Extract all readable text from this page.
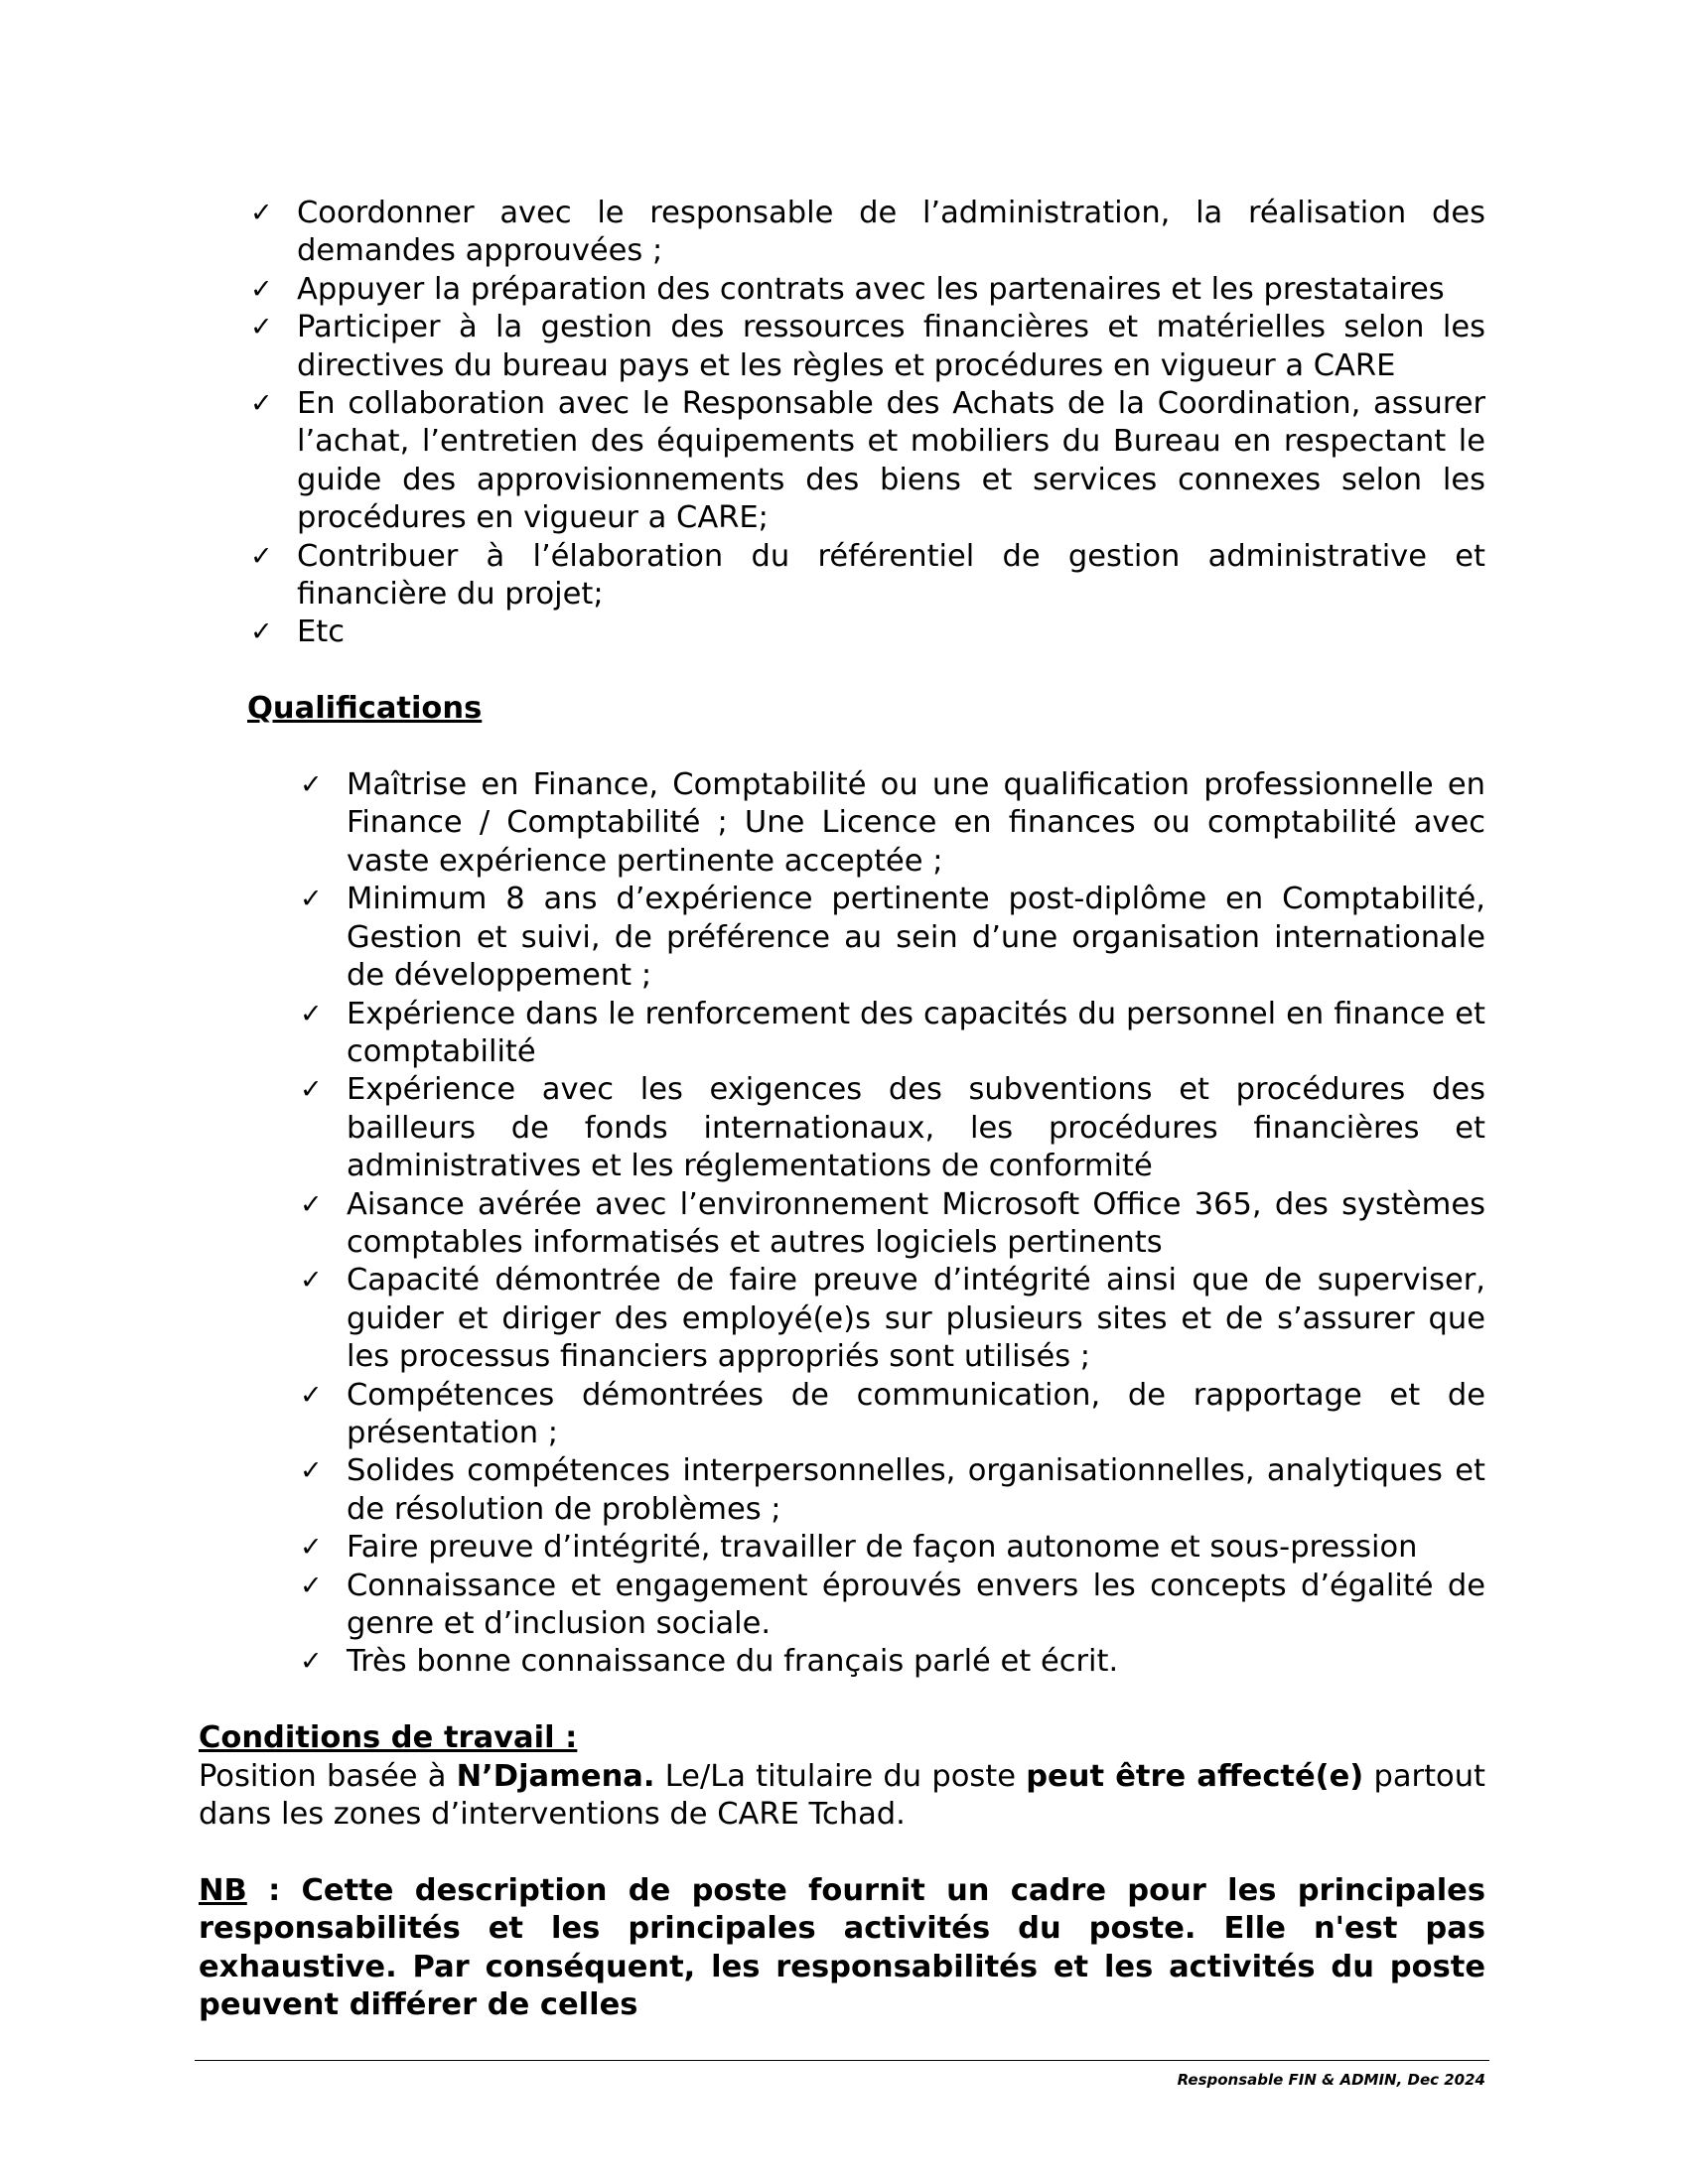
✓ Coordonner avec le responsable de l’administration, la réalisation des demandes approuvées ;
✓ Appuyer la préparation des contrats avec les partenaires et les prestataires
✓ Participer à la gestion des ressources financières et matérielles selon les directives du bureau pays et les règles et procédures en vigueur a CARE
✓ En collaboration avec le Responsable des Achats de la Coordination, assurer l’achat, l’entretien des équipements et mobiliers du Bureau en respectant le guide des approvisionnements des biens et services connexes selon les procédures en vigueur a CARE;
✓ Contribuer à l’élaboration du référentiel de gestion administrative et financière du projet;
✓ Etc
Qualifications
✓ Maîtrise en Finance, Comptabilité ou une qualification professionnelle en Finance / Comptabilité ; Une Licence en finances ou comptabilité avec vaste expérience pertinente acceptée ;
✓ Minimum 8 ans d’expérience pertinente post-diplôme en Comptabilité, Gestion et suivi, de préférence au sein d’une organisation internationale de développement ;
✓ Expérience dans le renforcement des capacités du personnel en finance et comptabilité
✓ Expérience avec les exigences des subventions et procédures des bailleurs de fonds internationaux, les procédures financières et administratives et les réglementations de conformité
✓ Aisance avérée avec l’environnement Microsoft Office 365, des systèmes comptables informatisés et autres logiciels pertinents
✓ Capacité démontrée de faire preuve d’intégrité ainsi que de superviser, guider et diriger des employé(e)s sur plusieurs sites et de s’assurer que les processus financiers appropriés sont utilisés ;
✓ Compétences démontrées de communication, de rapportage et de présentation ;
✓ Solides compétences interpersonnelles, organisationnelles, analytiques et de résolution de problèmes ;
✓ Faire preuve d’intégrité, travailler de façon autonome et sous-pression
✓ Connaissance et engagement éprouvés envers les concepts d’égalité de genre et d’inclusion sociale.
✓ Très bonne connaissance du français parlé et écrit.
Conditions de travail :

Position basée à N’Djamena. Le/La titulaire du poste peut être affecté(e) partout dans les zones d’interventions de CARE Tchad.

NB : Cette description de poste fournit un cadre pour les principales responsabilités et les principales activités du poste. Elle n'est pas exhaustive. Par conséquent, les responsabilités et les activités du poste peuvent différer de celles

Responsable FIN & ADMIN, Dec 2024
